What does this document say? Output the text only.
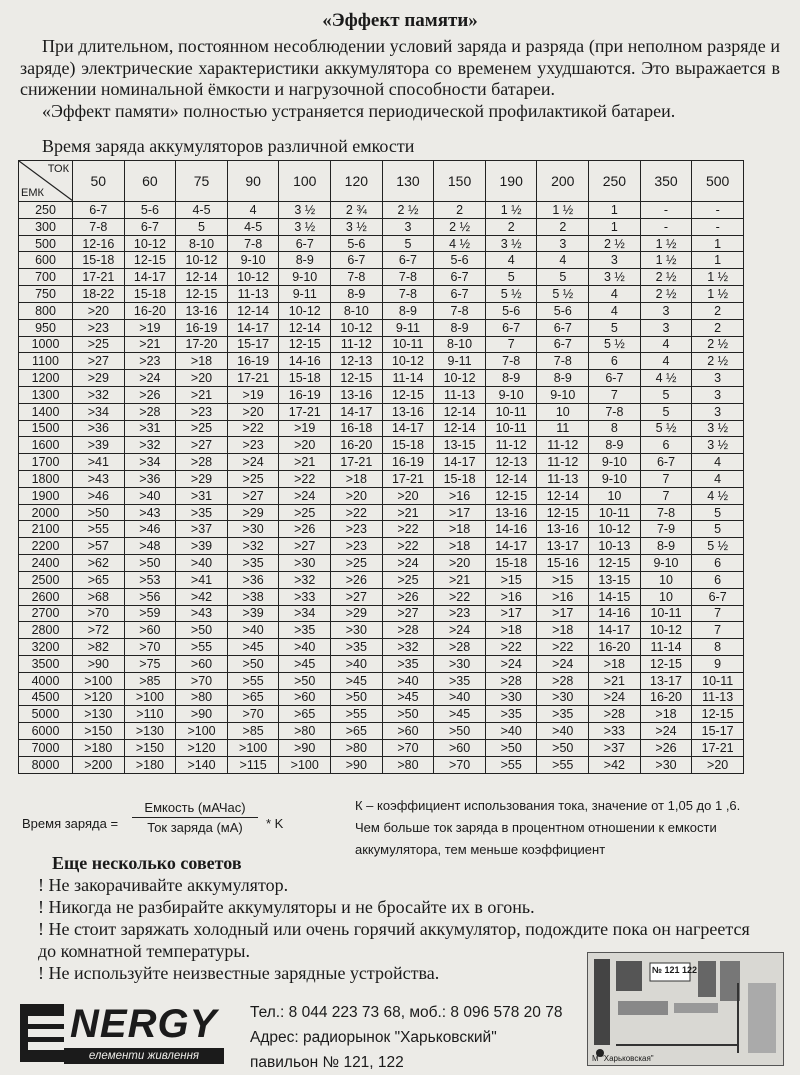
«Эффект памяти»

При длительном, постоянном несоблюдении условий заряда и разряда (при неполном разряде и заряде) электрические характеристики аккумулятора со временем ухудшаются. Это выражается в снижении номинальной ёмкости и нагрузочной способности батареи.

«Эффект памяти» полностью устраняется периодической профилактикой батареи.

Время заряда аккумуляторов различной емкости
ТОК
ЕМК	50	60	75	90	100	120	130	150	190	200	250	350	500
250	6-7	5-6	4-5	4	3 ½	2 ¾	2 ½	2	1 ½	1 ½	1	-	-
300	7-8	6-7	5	4-5	3 ½	3 ½	3	2 ½	2	2	1	-	-
500	12-16	10-12	8-10	7-8	6-7	5-6	5	4 ½	3 ½	3	2 ½	1 ½	1
600	15-18	12-15	10-12	9-10	8-9	6-7	6-7	5-6	4	4	3	1 ½	1
700	17-21	14-17	12-14	10-12	9-10	7-8	7-8	6-7	5	5	3 ½	2 ½	1 ½
750	18-22	15-18	12-15	11-13	9-11	8-9	7-8	6-7	5 ½	5 ½	4	2 ½	1 ½
800	>20	16-20	13-16	12-14	10-12	8-10	8-9	7-8	5-6	5-6	4	3	2
950	>23	>19	16-19	14-17	12-14	10-12	9-11	8-9	6-7	6-7	5	3	2
1000	>25	>21	17-20	15-17	12-15	11-12	10-11	8-10	7	6-7	5 ½	4	2 ½
1100	>27	>23	>18	16-19	14-16	12-13	10-12	9-11	7-8	7-8	6	4	2 ½
1200	>29	>24	>20	17-21	15-18	12-15	11-14	10-12	8-9	8-9	6-7	4 ½	3
1300	>32	>26	>21	>19	16-19	13-16	12-15	11-13	9-10	9-10	7	5	3
1400	>34	>28	>23	>20	17-21	14-17	13-16	12-14	10-11	10	7-8	5	3
1500	>36	>31	>25	>22	>19	16-18	14-17	12-14	10-11	11	8	5 ½	3 ½
1600	>39	>32	>27	>23	>20	16-20	15-18	13-15	11-12	11-12	8-9	6	3 ½
1700	>41	>34	>28	>24	>21	17-21	16-19	14-17	12-13	11-12	9-10	6-7	4
1800	>43	>36	>29	>25	>22	>18	17-21	15-18	12-14	11-13	9-10	7	4
1900	>46	>40	>31	>27	>24	>20	>20	>16	12-15	12-14	10	7	4 ½
2000	>50	>43	>35	>29	>25	>22	>21	>17	13-16	12-15	10-11	7-8	5
2100	>55	>46	>37	>30	>26	>23	>22	>18	14-16	13-16	10-12	7-9	5
2200	>57	>48	>39	>32	>27	>23	>22	>18	14-17	13-17	10-13	8-9	5 ½
2400	>62	>50	>40	>35	>30	>25	>24	>20	15-18	15-16	12-15	9-10	6
2500	>65	>53	>41	>36	>32	>26	>25	>21	>15	>15	13-15	10	6
2600	>68	>56	>42	>38	>33	>27	>26	>22	>16	>16	14-15	10	6-7
2700	>70	>59	>43	>39	>34	>29	>27	>23	>17	>17	14-16	10-11	7
2800	>72	>60	>50	>40	>35	>30	>28	>24	>18	>18	14-17	10-12	7
3200	>82	>70	>55	>45	>40	>35	>32	>28	>22	>22	16-20	11-14	8
3500	>90	>75	>60	>50	>45	>40	>35	>30	>24	>24	>18	12-15	9
4000	>100	>85	>70	>55	>50	>45	>40	>35	>28	>28	>21	13-17	10-11
4500	>120	>100	>80	>65	>60	>50	>45	>40	>30	>30	>24	16-20	11-13
5000	>130	>110	>90	>70	>65	>55	>50	>45	>35	>35	>28	>18	12-15
6000	>150	>130	>100	>85	>80	>65	>60	>50	>40	>40	>33	>24	15-17
7000	>180	>150	>120	>100	>90	>80	>70	>60	>50	>50	>37	>26	17-21
8000	>200	>180	>140	>115	>100	>90	>80	>70	>55	>55	>42	>30	>20
Время заряда =
Емкость (мАЧас)
Ток заряда (мА)	* K
К – коэффициент использования тока, значение от 1,05 до 1 ,6. Чем больше ток заряда в процентном отношении к емкости аккумулятора, тем меньше коэффициент
Еще несколько советов
! Не закорачивайте аккумулятор.
! Никогда не разбирайте аккумуляторы и не бросайте их в огонь.
! Не стоит заряжать холодный или очень горячий аккумулятор, подождите пока он нагреется до комнатной температуры.
! Не используйте неизвестные зарядные устройства.
NERGY
елементи живлення
Тел.: 8 044 223 73 68, моб.: 8 096 578 20 78
Адрес: радиорынок "Харьковский"
павильон № 121, 122
№ 121 122
М "Харьковская"
